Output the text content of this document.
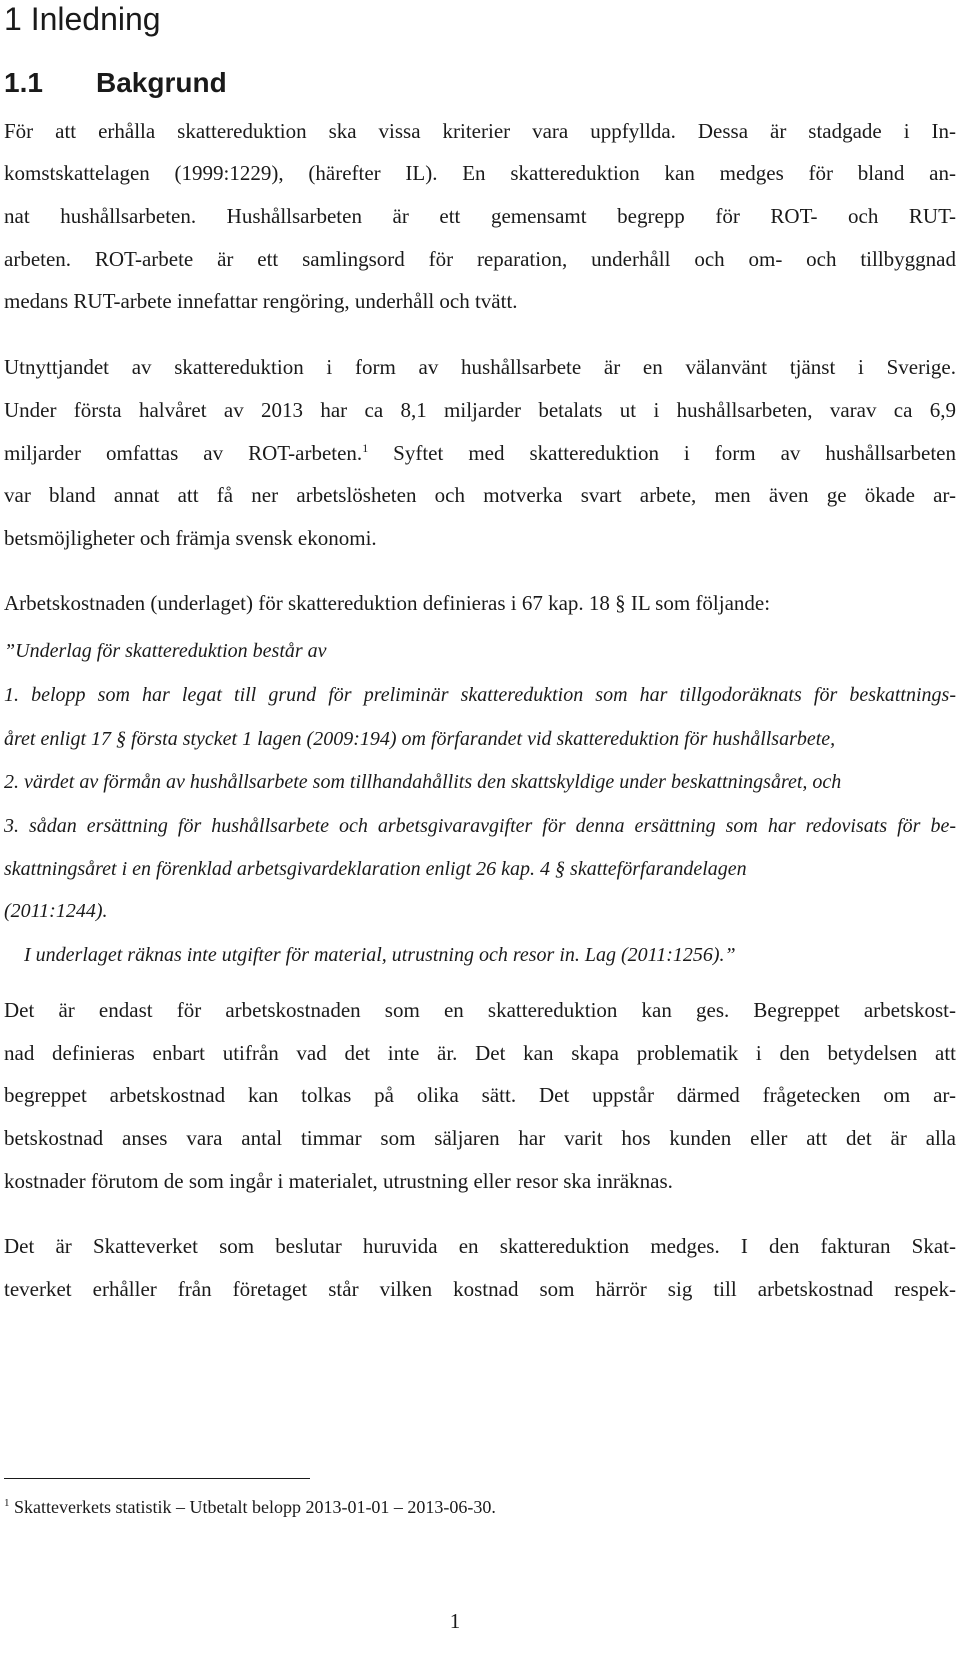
1 Inledning
1.1 Bakgrund
För att erhålla skattereduktion ska vissa kriterier vara uppfyllda. Dessa är stadgade i In-
komstskattelagen (1999:1229), (härefter IL). En skattereduktion kan medges för bland an-
nat hushållsarbeten. Hushållsarbeten är ett gemensamt begrepp för ROT- och RUT-
arbeten. ROT-arbete är ett samlingsord för reparation, underhåll och om- och tillbyggnad
medans RUT-arbete innefattar rengöring, underhåll och tvätt.
Utnyttjandet av skattereduktion i form av hushållsarbete är en välanvänt tjänst i Sverige.
Under första halvåret av 2013 har ca 8,1 miljarder betalats ut i hushållsarbeten, varav ca 6,9
miljarder omfattas av ROT-arbeten.$^1$ Syftet med skattereduktion i form av hushållsarbeten
var bland annat att få ner arbetslösheten och motverka svart arbete, men även ge ökade ar-
betsmöjligheter och främja svensk ekonomi.
Arbetskostnaden (underlaget) för skattereduktion definieras i 67 kap. 18 § IL som följande:
”Underlag för skattereduktion består av
1. belopp som har legat till grund för preliminär skattereduktion som har tillgodoräknats för beskattnings-
året enligt 17 § första stycket 1 lagen (2009:194) om förfarandet vid skattereduktion för hushållsarbete,
2. värdet av förmån av hushållsarbete som tillhandahållits den skattskyldige under beskattningsåret, och
3. sådan ersättning för hushållsarbete och arbetsgivaravgifter för denna ersättning som har redovisats för be-
skattningsåret i en förenklad arbetsgivardeklaration enligt 26 kap. 4 § skatteförfarandelagen
(2011:1244).
I underlaget räknas inte utgifter för material, utrustning och resor in. Lag (2011:1256).”
Det är endast för arbetskostnaden som en skattereduktion kan ges. Begreppet arbetskost-
nad definieras enbart utifrån vad det inte är. Det kan skapa problematik i den betydelsen att
begreppet arbetskostnad kan tolkas på olika sätt. Det uppstår därmed frågetecken om ar-
betskostnad anses vara antal timmar som säljaren har varit hos kunden eller att det är alla
kostnader förutom de som ingår i materialet, utrustning eller resor ska inräknas.
Det är Skatteverket som beslutar huruvida en skattereduktion medges. I den fakturan Skat-
teverket erhåller från företaget står vilken kostnad som härrör sig till arbetskostnad respek-
$^1$ Skatteverkets statistik – Utbetalt belopp 2013-01-01 – 2013-06-30.
1
